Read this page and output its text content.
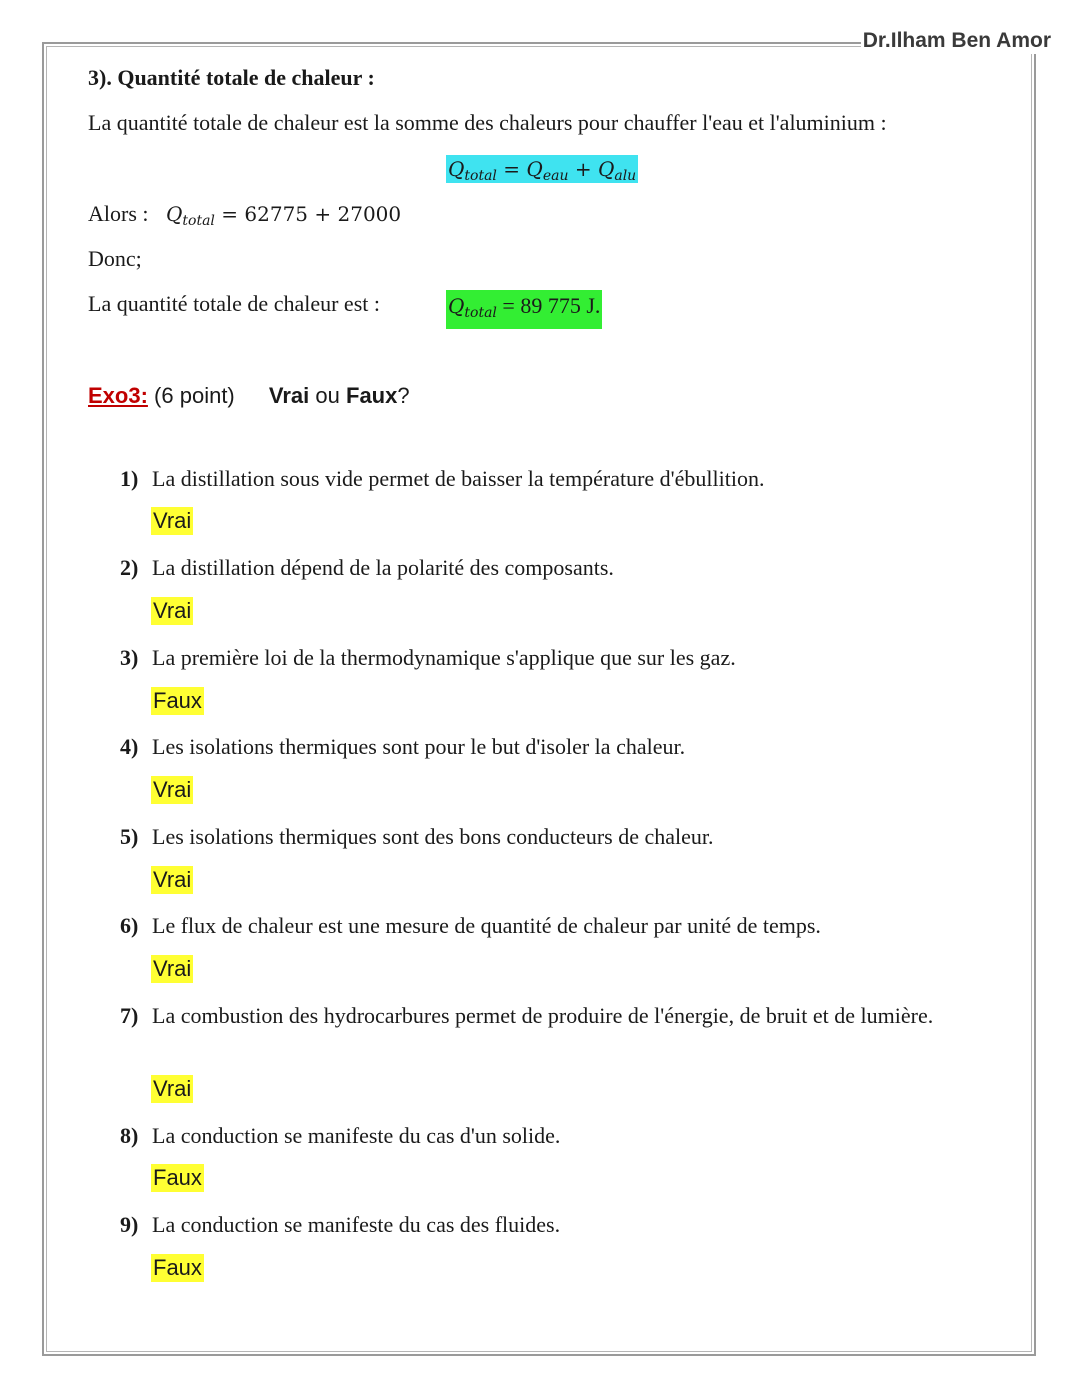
Dr.Ilham Ben Amor
3). Quantité totale de chaleur :
La quantité totale de chaleur est la somme des chaleurs pour chauffer l'eau et l'aluminium :
$Q_{total} = Q_{eau} + Q_{alu}$
Alors : $Q_{total} = 62775 + 27000$
Donc;
La quantité totale de chaleur est :	$Q_{total} = 89$ 775 J.
Exo3: (6 point) Vrai ou Faux?
1) La distillation sous vide permet de baisser la température d'ébullition.
Vrai
2) La distillation dépend de la polarité des composants.
Vrai
3) La première loi de la thermodynamique s'applique que sur les gaz.
Faux
4) Les isolations thermiques sont pour le but d'isoler la chaleur.
Vrai
5) Les isolations thermiques sont des bons conducteurs de chaleur.
Vrai
6) Le flux de chaleur est une mesure de quantité de chaleur par unité de temps.
Vrai
7) La combustion des hydrocarbures permet de produire de l'énergie, de bruit et de lumière.
Vrai
8) La conduction se manifeste du cas d'un solide.
Faux
9) La conduction se manifeste du cas des fluides.
Faux
